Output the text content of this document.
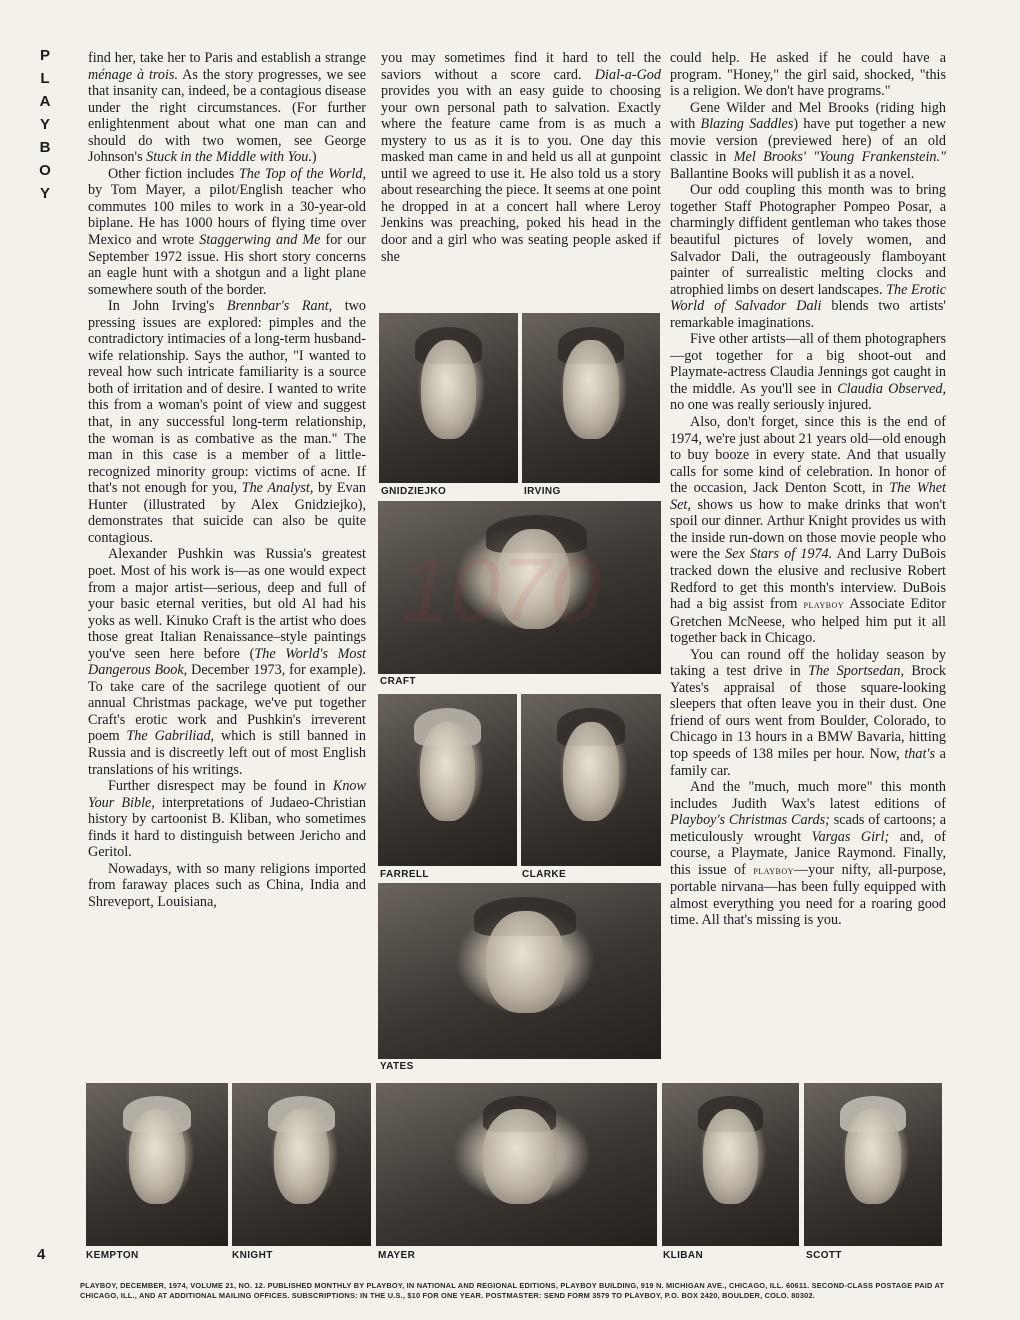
P
L
A
Y
B
O
Y

find her, take her to Paris and establish a strange ménage à trois. As the story progresses, we see that insanity can, indeed, be a contagious disease under the right circumstances. (For further enlightenment about what one man can and should do with two women, see George Johnson's Stuck in the Middle with You.)

Other fiction includes The Top of the World, by Tom Mayer, a pilot/English teacher who commutes 100 miles to work in a 30-year-old biplane. He has 1000 hours of flying time over Mexico and wrote Staggerwing and Me for our September 1972 issue. His short story concerns an eagle hunt with a shotgun and a light plane somewhere south of the border.

In John Irving's Brennbar's Rant, two pressing issues are explored: pimples and the contradictory intimacies of a long-term husband-wife relationship. Says the author, "I wanted to reveal how such intricate familiarity is a source both of irritation and of desire. I wanted to write this from a woman's point of view and suggest that, in any successful long-term relationship, the woman is as combative as the man." The man in this case is a member of a little-recognized minority group: victims of acne. If that's not enough for you, The Analyst, by Evan Hunter (illustrated by Alex Gnidziejko), demonstrates that suicide can also be quite contagious.

Alexander Pushkin was Russia's greatest poet. Most of his work is—as one would expect from a major artist—serious, deep and full of your basic eternal verities, but old Al had his yoks as well. Kinuko Craft is the artist who does those great Italian Renaissance–style paintings you've seen here before (The World's Most Dangerous Book, December 1973, for example). To take care of the sacrilege quotient of our annual Christmas package, we've put together Craft's erotic work and Pushkin's irreverent poem The Gabriliad, which is still banned in Russia and is discreetly left out of most English translations of his writings.

Further disrespect may be found in Know Your Bible, interpretations of Judaeo-Christian history by cartoonist B. Kliban, who sometimes finds it hard to distinguish between Jericho and Geritol.

Nowadays, with so many religions imported from faraway places such as China, India and Shreveport, Louisiana,

you may sometimes find it hard to tell the saviors without a score card. Dial-a-God provides you with an easy guide to choosing your own personal path to salvation. Exactly where the feature came from is as much a mystery to us as it is to you. One day this masked man came in and held us all at gunpoint until we agreed to use it. He also told us a story about researching the piece. It seems at one point he dropped in at a concert hall where Leroy Jenkins was preaching, poked his head in the door and a girl who was seating people asked if she

could help. He asked if he could have a program. "Honey," the girl said, shocked, "this is a religion. We don't have programs."

Gene Wilder and Mel Brooks (riding high with Blazing Saddles) have put together a new movie version (previewed here) of an old classic in Mel Brooks' "Young Frankenstein." Ballantine Books will publish it as a novel.

Our odd coupling this month was to bring together Staff Photographer Pompeo Posar, a charmingly diffident gentleman who takes those beautiful pictures of lovely women, and Salvador Dali, the outrageously flamboyant painter of surrealistic melting clocks and atrophied limbs on desert landscapes. The Erotic World of Salvador Dali blends two artists' remarkable imaginations.

Five other artists—all of them photographers—got together for a big shoot-out and Playmate-actress Claudia Jennings got caught in the middle. As you'll see in Claudia Observed, no one was really seriously injured.

Also, don't forget, since this is the end of 1974, we're just about 21 years old—old enough to buy booze in every state. And that usually calls for some kind of celebration. In honor of the occasion, Jack Denton Scott, in The Whet Set, shows us how to make drinks that won't spoil our dinner. Arthur Knight provides us with the inside run-down on those movie people who were the Sex Stars of 1974. And Larry DuBois tracked down the elusive and reclusive Robert Redford to get this month's interview. DuBois had a big assist from playboy Associate Editor Gretchen McNeese, who helped him put it all together back in Chicago.

You can round off the holiday season by taking a test drive in The Sportsedan, Brock Yates's appraisal of those square-looking sleepers that often leave you in their dust. One friend of ours went from Boulder, Colorado, to Chicago in 13 hours in a BMW Bavaria, hitting top speeds of 138 miles per hour. Now, that's a family car.

And the "much, much more" this month includes Judith Wax's latest editions of Playboy's Christmas Cards; scads of cartoons; a meticulously wrought Vargas Girl; and, of course, a Playmate, Janice Raymond. Finally, this issue of playboy—your nifty, all-purpose, portable nirvana—has been fully equipped with almost everything you need for a roaring good time. All that's missing is you.

GNIDZIEJKO	IRVING
CRAFT
FARRELL	CLARKE
YATES
KEMPTON	KNIGHT	MAYER	KLIBAN	SCOTT
4
PLAYBOY, DECEMBER, 1974, VOLUME 21, NO. 12. PUBLISHED MONTHLY BY PLAYBOY, IN NATIONAL AND REGIONAL EDITIONS, PLAYBOY BUILDING, 919 N. MICHIGAN AVE., CHICAGO, ILL. 60611. SECOND-CLASS POSTAGE PAID AT CHICAGO, ILL., AND AT ADDITIONAL MAILING OFFICES. SUBSCRIPTIONS: IN THE U.S., $10 FOR ONE YEAR. POSTMASTER: SEND FORM 3579 TO PLAYBOY, P.O. BOX 2420, BOULDER, COLO. 80302.
